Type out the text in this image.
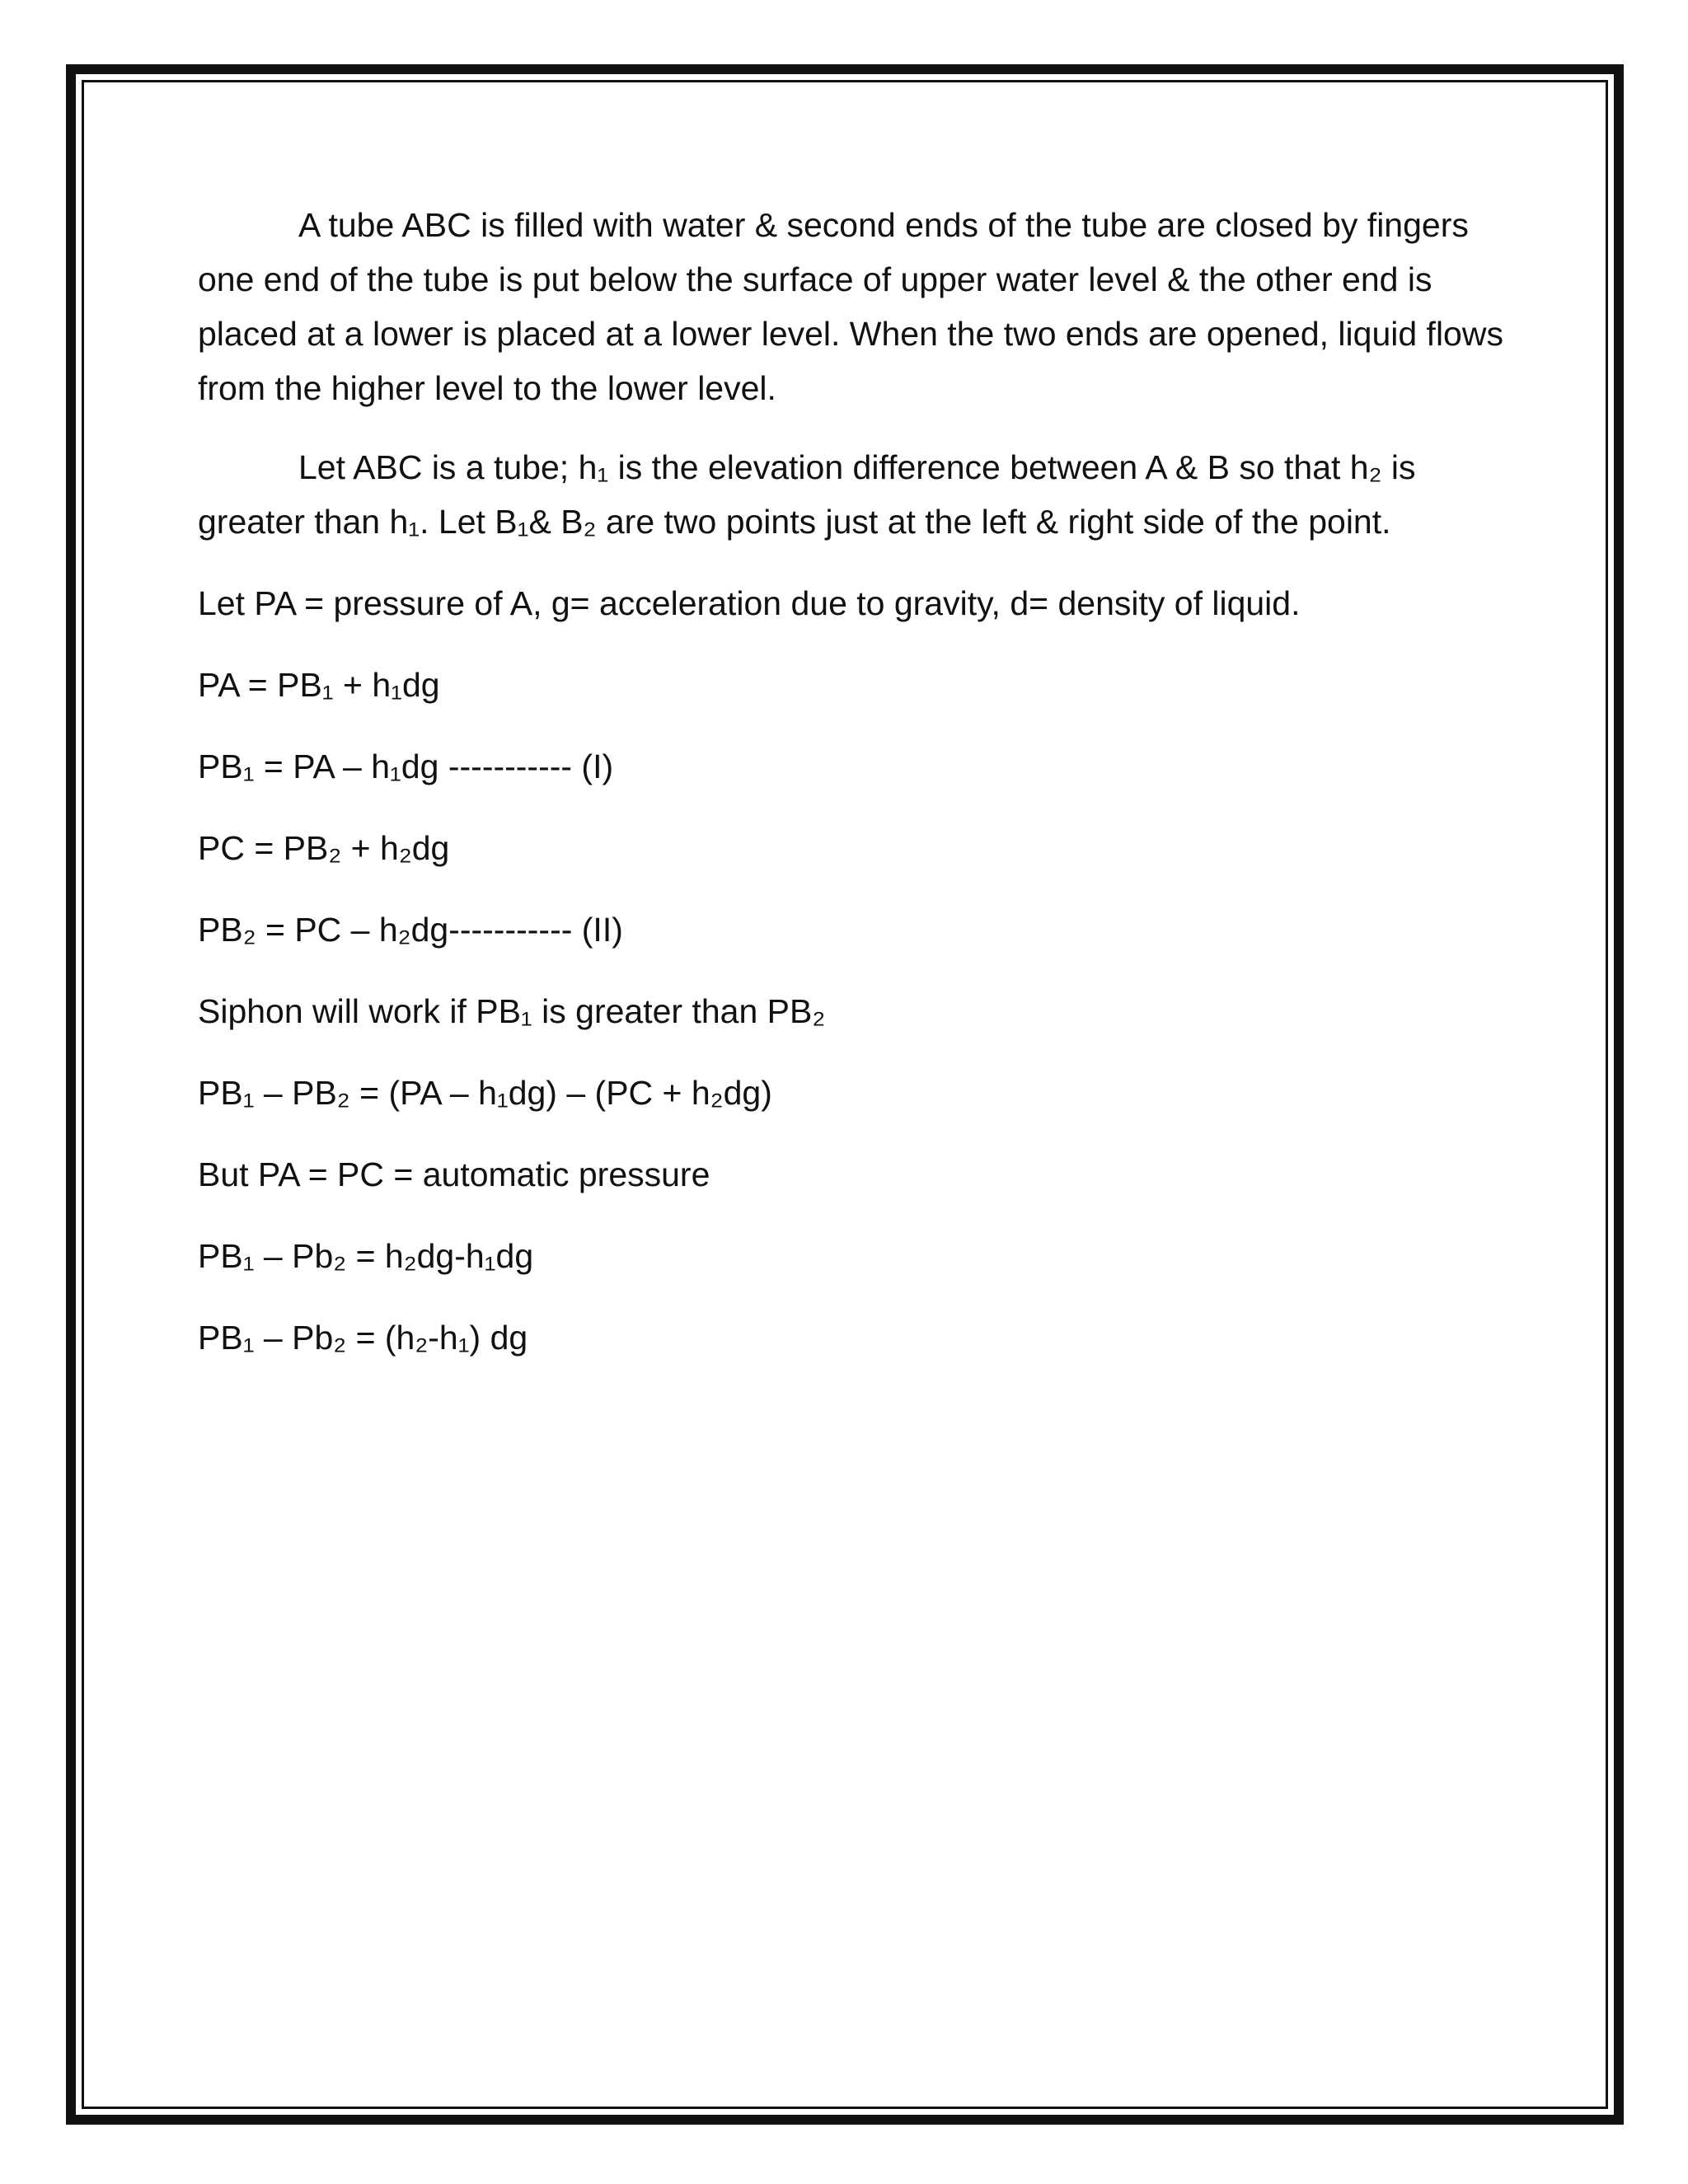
A tube ABC is filled with water & second ends of the tube are closed by fingers one end of the tube is put below the surface of upper water level & the other end is placed at a lower is placed at a lower level. When the two ends are opened, liquid flows from the higher level to the lower level.

Let ABC is a tube; h₁ is the elevation difference between A & B so that h₂ is greater than h₁. Let B₁& B₂ are two points just at the left & right side of the point.

Let PA = pressure of A, g= acceleration due to gravity, d= density of liquid.

PA = PB₁ + h₁dg

PB₁ = PA – h₁dg ----------- (I)

PC = PB₂ + h₂dg

PB₂ = PC – h₂dg----------- (II)

Siphon will work if PB₁ is greater than PB₂

PB₁ – PB₂ = (PA – h₁dg) – (PC + h₂dg)

But PA = PC = automatic pressure

PB₁ – Pb₂ = h₂dg-h₁dg

PB₁ – Pb₂ = (h₂-h₁) dg
